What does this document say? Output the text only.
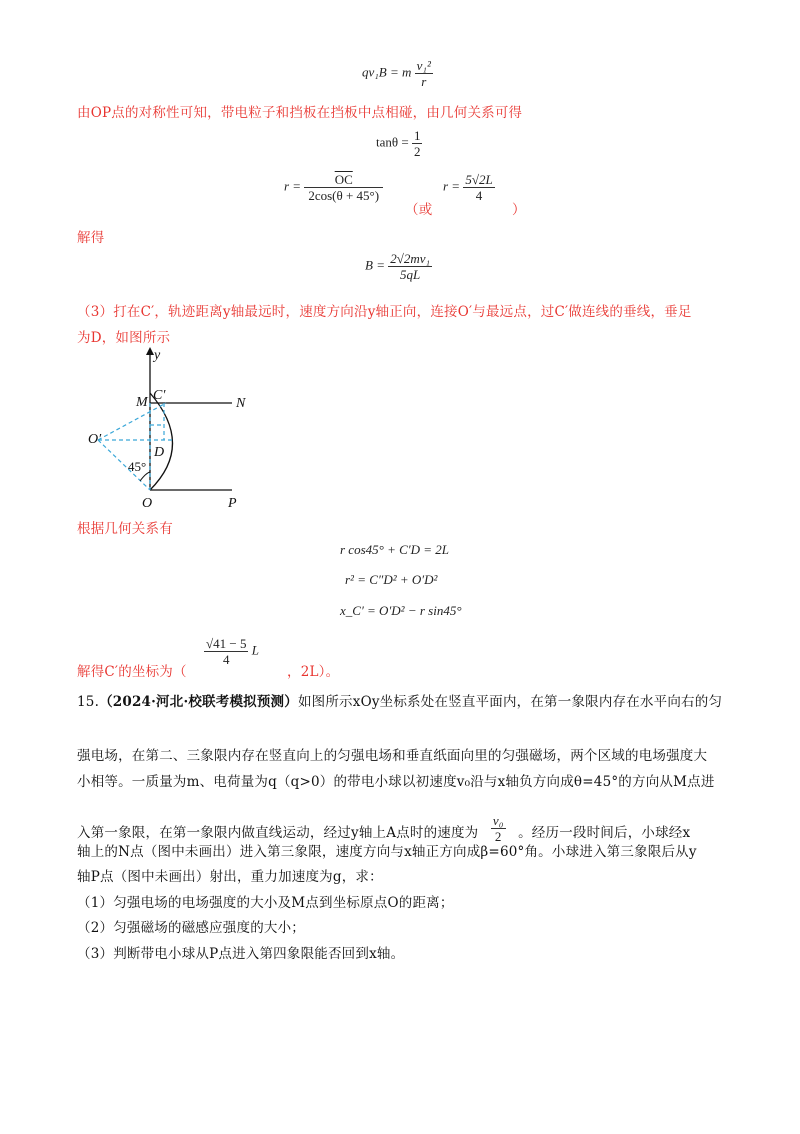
qv₁B = m $\frac{\text{v₁²}}{r}$
由OP点的对称性可知，带电粒子和挡板在挡板中点相碰，由几何关系可得
$\tan\theta = \frac{1}{2}$
$r = \frac{\overline{OC}}{2\cos(\theta + 45^\circ)}$
（或
$r = \frac{5√2L}{4}$
）
解得
$B = \frac{\text{2√2mv₁}}{5qL}$
（3）打在C′，轨迹距离y轴最远时，速度方向沿y轴正向，连接O′与最远点，过C′做连线的垂线，垂足
为D，如图所示
y
M C′
N
O′
D
O	P
45°
根据几何关系有
r cos45° + C′D = 2L
r² = C″D² + O′D²
x_C′ = O′D² − r sin45°
解得C′的坐标为（
$\frac{√41 - 5}{4}$ L
，2L）。
15.（2024·河北·校联考模拟预测）如图所示xOy坐标系处在竖直平面内，在第一象限内存在水平向右的匀
强电场，在第二、三象限内存在竖直向上的匀强电场和垂直纸面向里的匀强磁场，两个区域的电场强度大
小相等。一质量为m、电荷量为q（q>0）的带电小球以初速度v₀沿与x轴负方向成θ=45°的方向从M点进
入第一象限，在第一象限内做直线运动，经过y轴上A点时的速度为 $\frac{\text{v₀}}{2}$ 。经历一段时间后，小球经x
轴上的N点（图中未画出）进入第三象限，速度方向与x轴正方向成β=60°角。小球进入第三象限后从y
轴P点（图中未画出）射出，重力加速度为g，求：
（1）匀强电场的电场强度的大小及M点到坐标原点O的距离；
（2）匀强磁场的磁感应强度的大小；
（3）判断带电小球从P点进入第四象限能否回到x轴。
